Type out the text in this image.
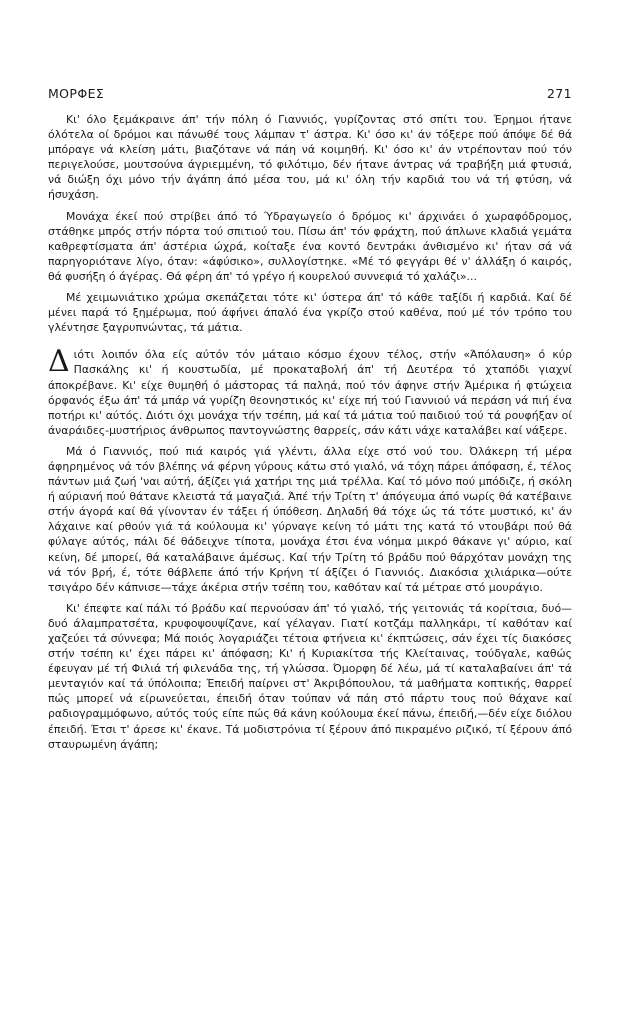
ΜΟΡΦΕΣ	271

Κι' όλο ξεμάκραινε άπ' τήν πόλη ό Γιαννιός, γυρίζοντας στό σπίτι του. Έρημοι ήτανε όλότελα οί δρόμοι και πάνωθέ τους λάμπαν τ' άστρα. Κι' όσο κι' άν τόξερε πού άπόψε δέ θά μπόραγε νά κλείση μάτι, βιαζότανε νά πάη νά κοιμηθή. Κι' όσο κι' άν ντρέπονταν πού τόν περιγελούσε, μουτσούνα άγριεμμένη, τό φιλότιμο, δέν ήτανε άντρας νά τραβήξη μιά φτυσιά, νά διώξη όχι μόνο τήν άγάπη άπό μέσα του, μά κι' όλη τήν καρδιά του νά τή φτύση, νά ήσυχάση.

Μονάχα έκεί πού στρίβει άπό τό Ύδραγωγείο ό δρόμος κι' άρχινάει ό χωραφόδρομος, στάθηκε μπρός στήν πόρτα τού σπιτιού του. Πίσω άπ' τόν φράχτη, πού άπλωνε κλαδιά γεμάτα καθρεφτίσματα άπ' άστέρια ώχρά, κοίταξε ένα κοντό δεντράκι άνθισμένο κι' ήταν σά νά παρηγοριότανε λίγο, όταν: «άφύσικο», συλλογίστηκε. «Μέ τό φεγγάρι θέ ν' άλλάξη ό καιρός, θά φυσήξη ό άγέρας. Θά φέρη άπ' τό γρέγο ή κουρελού συννεφιά τό χαλάζι»...

Μέ χειμωνιάτικο χρώμα σκεπάζεται τότε κι' ύστερα άπ' τό κάθε ταξίδι ή καρδιά. Καί δέ μένει παρά τό ξημέρωμα, πού άφήνει άπαλό ένα γκρίζο στού καθένα, πού μέ τόν τρόπο του γλέντησε ξαγρυπνώντας, τά μάτια.

Διότι λοιπόν όλα είς αύτόν τόν μάταιο κόσμο έχουν τέλος, στήν «Άπόλαυση» ό κύρ Πασκάλης κι' ή κουστωδία, μέ προκαταβολή άπ' τή Δευτέρα τό χταπόδι γιαχνί άποκρέβανε. Κι' είχε θυμηθή ό μάστορας τά παληά, πού τόν άφηνε στήν Άμέρικα ή φτώχεια όρφανός έξω άπ' τά μπάρ νά γυρίζη θεονηστικός κι' είχε πή τού Γιαννιού νά περάση νά πιή ένα ποτήρι κι' αύτός. Διότι όχι μονάχα τήν τσέπη, μά καί τά μάτια τού παιδιού τού τά ρουφήξαν οί άναράιδες-μυστήριος άνθρωπος παντογνώστης θαρρείς, σάν κάτι νάχε καταλάβει καί νάξερε.

Μά ό Γιαννιός, πού πιά καιρός γιά γλέντι, άλλα είχε στό νού του. Όλάκερη τή μέρα άφηρημένος νά τόν βλέπης νά φέρνη γύρους κάτω στό γιαλό, νά τόχη πάρει άπόφαση, έ, τέλος πάντων μιά ζωή 'ναι αύτή, άξίζει γιά χατήρι της μιά τρέλλα. Καί τό μόνο πού μπόδιζε, ή σκόλη ή αύριανή πού θάτανε κλειστά τά μαγαζιά. Άπέ τήν Τρίτη τ' άπόγευμα άπό νωρίς θά κατέβαινε στήν άγορά καί θά γίνονταν έν τάξει ή ύπόθεση. Δηλαδή θά τόχε ώς τά τότε μυστικό, κι' άν λάχαινε καί ρθούν γιά τά κούλουμα κι' γύρναγε κείνη τό μάτι της κατά τό ντουβάρι πού θά φύλαγε αύτός, πάλι δέ θάδειχνε τίποτα, μονάχα έτσι ένα νόημα μικρό θάκανε γι' αύριο, καί κείνη, δέ μπορεί, θά καταλάβαινε άμέσως. Καί τήν Τρίτη τό βράδυ πού θάρχόταν μονάχη της νά τόν βρή, έ, τότε θάβλεπε άπό τήν Κρήνη τί άξίζει ό Γιαννιός. Διακόσια χιλιάρικα—ούτε τσιγάρο δέν κάπνισε—τάχε άκέρια στήν τσέπη του, καθόταν καί τά μέτραε στό μουράγιο.

Κι' έπεφτε καί πάλι τό βράδυ καί περνούσαν άπ' τό γιαλό, τής γειτονιάς τά κορίτσια, δυό—δυό άλαμπρατσέτα, κρυφοψουψίζανε, καί γέλαγαν. Γιατί κοτζάμ παλληκάρι, τί καθόταν καί χαζεύει τά σύννεφα; Μά ποιός λογαριάζει τέτοια φτήνεια κι' έκπτώσεις, σάν έχει τίς διακόσες στήν τσέπη κι' έχει πάρει κι' άπόφαση; Κι' ή Κυριακίτσα τής Κλείταινας, τούδγαλε, καθώς έφευγαν μέ τή Φιλιά τή φιλενάδα της, τή γλώσσα. Όμορφη δέ λέω, μά τί καταλαβαίνει άπ' τά μενταγιόν καί τά ύπόλοιπα; Έπειδή παίρνει στ' Άκριβόπουλου, τά μαθήματα κοπτικής, θαρρεί πώς μπορεί νά είρωνεύεται, έπειδή όταν τούπαν νά πάη στό πάρτυ τους πού θάχανε καί ραδιογραμμόφωνο, αύτός τούς είπε πώς θά κάνη κούλουμα έκεί πάνω, έπειδή,—δέν είχε διόλου έπειδή. Έτσι τ' άρεσε κι' έκανε. Τά μοδιστρόνια τί ξέρουν άπό πικραμένο ριζικό, τί ξέρουν άπό σταυρωμένη άγάπη;
